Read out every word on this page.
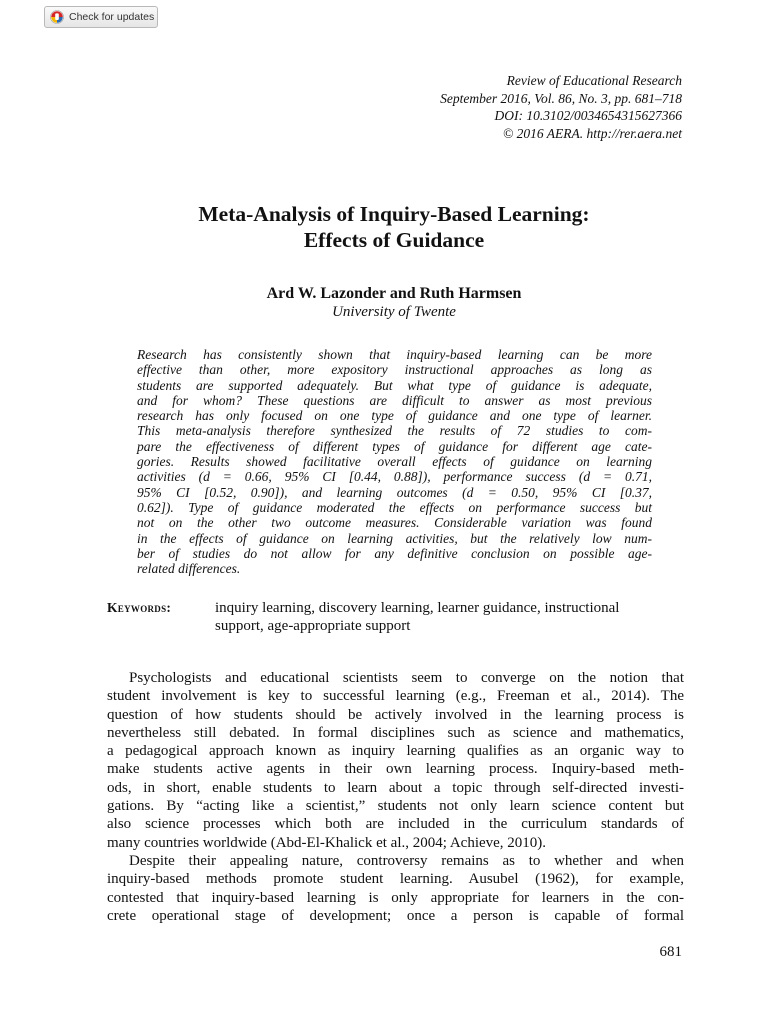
Check for updates
Review of Educational Research
September 2016, Vol. 86, No. 3, pp. 681–718
DOI: 10.3102/0034654315627366
© 2016 AERA. http://rer.aera.net
Meta-Analysis of Inquiry-Based Learning:
Effects of Guidance
Ard W. Lazonder and Ruth Harmsen
University of Twente
Research has consistently shown that inquiry-based learning can be more
effective than other, more expository instructional approaches as long as
students are supported adequately. But what type of guidance is adequate,
and for whom? These questions are difficult to answer as most previous
research has only focused on one type of guidance and one type of learner.
This meta-analysis therefore synthesized the results of 72 studies to com-
pare the effectiveness of different types of guidance for different age cate-
gories. Results showed facilitative overall effects of guidance on learning
activities (d = 0.66, 95% CI [0.44, 0.88]), performance success (d = 0.71,
95% CI [0.52, 0.90]), and learning outcomes (d = 0.50, 95% CI [0.37,
0.62]). Type of guidance moderated the effects on performance success but
not on the other two outcome measures. Considerable variation was found
in the effects of guidance on learning activities, but the relatively low num-
ber of studies do not allow for any definitive conclusion on possible age-
related differences.
Keywords:	inquiry learning, discovery learning, learner guidance, instructional
support, age-appropriate support
Psychologists and educational scientists seem to converge on the notion that
student involvement is key to successful learning (e.g., Freeman et al., 2014). The
question of how students should be actively involved in the learning process is
nevertheless still debated. In formal disciplines such as science and mathematics,
a pedagogical approach known as inquiry learning qualifies as an organic way to
make students active agents in their own learning process. Inquiry-based meth-
ods, in short, enable students to learn about a topic through self-directed investi-
gations. By “acting like a scientist,” students not only learn science content but
also science processes which both are included in the curriculum standards of
many countries worldwide (Abd-El-Khalick et al., 2004; Achieve, 2010).
Despite their appealing nature, controversy remains as to whether and when
inquiry-based methods promote student learning. Ausubel (1962), for example,
contested that inquiry-based learning is only appropriate for learners in the con-
crete operational stage of development; once a person is capable of formal
681
